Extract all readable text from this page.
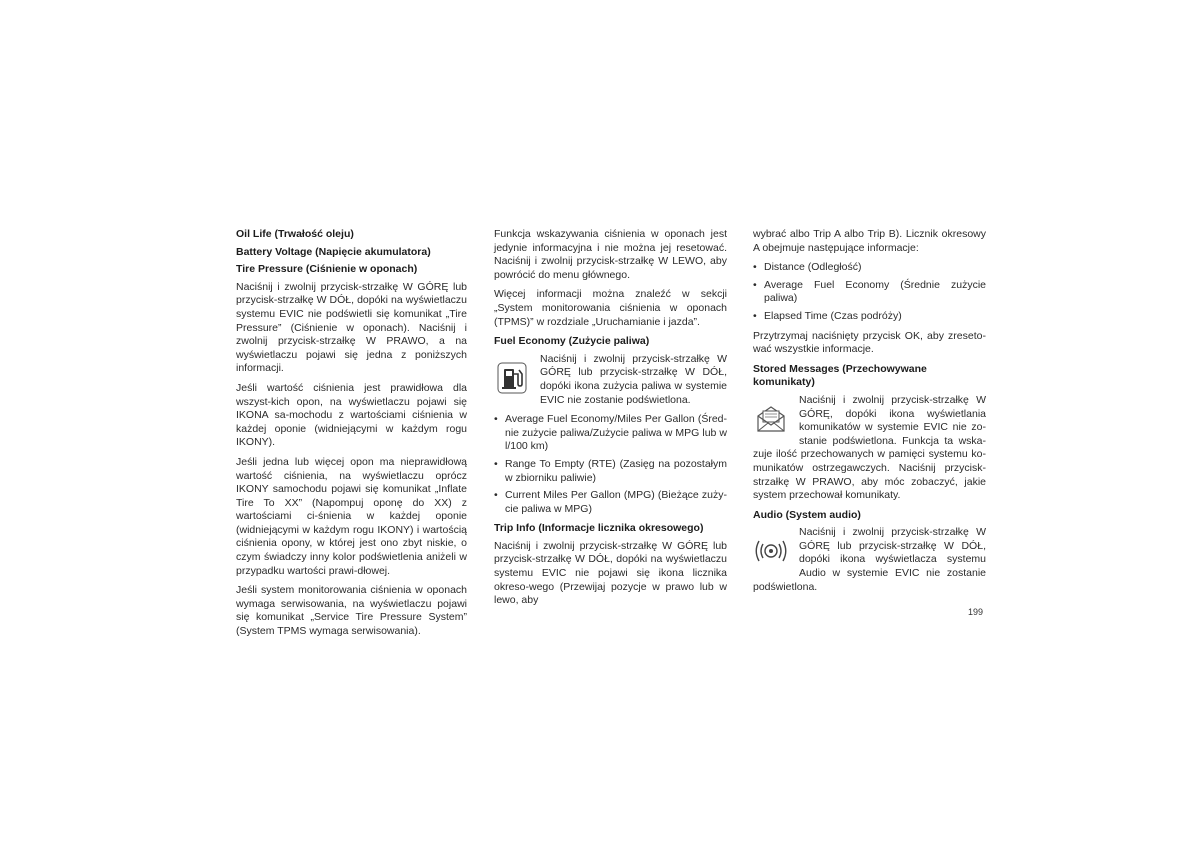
Oil Life (Trwałość oleju)
Battery Voltage (Napięcie akumulatora)
Tire Pressure (Ciśnienie w oponach)

Naciśnij i zwolnij przycisk-strzałkę W GÓRĘ lub przycisk-strzałkę W DÓŁ, dopóki na wyświetlaczu systemu EVIC nie podświetli się komunikat „Tire Pressure” (Ciśnienie w oponach). Naciśnij i zwolnij przycisk-strzałkę W PRAWO, a na wyświetlaczu pojawi się jedna z poniższych informacji.

Jeśli wartość ciśnienia jest prawidłowa dla wszyst-kich opon, na wyświetlaczu pojawi się IKONA sa-mochodu z wartościami ciśnienia w każdej oponie (widniejącymi w każdym rogu IKONY).

Jeśli jedna lub więcej opon ma nieprawidłową wartość ciśnienia, na wyświetlaczu oprócz IKONY samochodu pojawi się komunikat „Inflate Tire To XX” (Napompuj oponę do XX) z wartościami ci-śnienia w każdej oponie (widniejącymi w każdym rogu IKONY) i wartością ciśnienia opony, w której jest ono zbyt niskie, o czym świadczy inny kolor podświetlenia aniżeli w przypadku wartości prawi-dłowej.

Jeśli system monitorowania ciśnienia w oponach wymaga serwisowania, na wyświetlaczu pojawi się komunikat „Service Tire Pressure System” (System TPMS wymaga serwisowania).

Funkcja wskazywania ciśnienia w oponach jest jedynie informacyjna i nie można jej resetować. Naciśnij i zwolnij przycisk-strzałkę W LEWO, aby powrócić do menu głównego.

Więcej informacji można znaleźć w sekcji „System monitorowania ciśnienia w oponach (TPMS)” w rozdziale „Uruchamianie i jazda”.

Fuel Economy (Zużycie paliwa)

Naciśnij i zwolnij przycisk-strzałkę W GÓRĘ lub przycisk-strzałkę W DÓŁ, dopóki ikona zużycia paliwa w systemie EVIC nie zostanie podświetlona.

• Average Fuel Economy/Miles Per Gallon (Śred-nie zużycie paliwa/Zużycie paliwa w MPG lub w l/100 km)
• Range To Empty (RTE) (Zasięg na pozostałym w zbiorniku paliwie)
• Current Miles Per Gallon (MPG) (Bieżące zuży-cie paliwa w MPG)
Trip Info (Informacje licznika okresowego)

Naciśnij i zwolnij przycisk-strzałkę W GÓRĘ lub przycisk-strzałkę W DÓŁ, dopóki na wyświetlaczu systemu EVIC nie pojawi się ikona licznika okreso-wego (Przewijaj pozycje w prawo lub w lewo, aby

wybrać albo Trip A albo Trip B). Licznik okresowy A obejmuje następujące informacje:

• Distance (Odległość)
• Average Fuel Economy (Średnie zużycie paliwa)
• Elapsed Time (Czas podróży)

Przytrzymaj naciśnięty przycisk OK, aby zreseto-wać wszystkie informacje.

Stored Messages (Przechowywane komunikaty)

Naciśnij i zwolnij przycisk-strzałkę W GÓRĘ, dopóki ikona wyświetlania komunikatów w systemie EVIC nie zo-stanie podświetlona. Funkcja ta wska-zuje ilość przechowanych w pamięci systemu ko-munikatów ostrzegawczych. Naciśnij przycisk-strzałkę W PRAWO, aby móc zobaczyć, jakie system przechował komunikaty.

Audio (System audio)

Naciśnij i zwolnij przycisk-strzałkę W GÓRĘ lub przycisk-strzałkę W DÓŁ, dopóki ikona wyświetlacza systemu Audio w systemie EVIC nie zostanie podświetlona.

199
